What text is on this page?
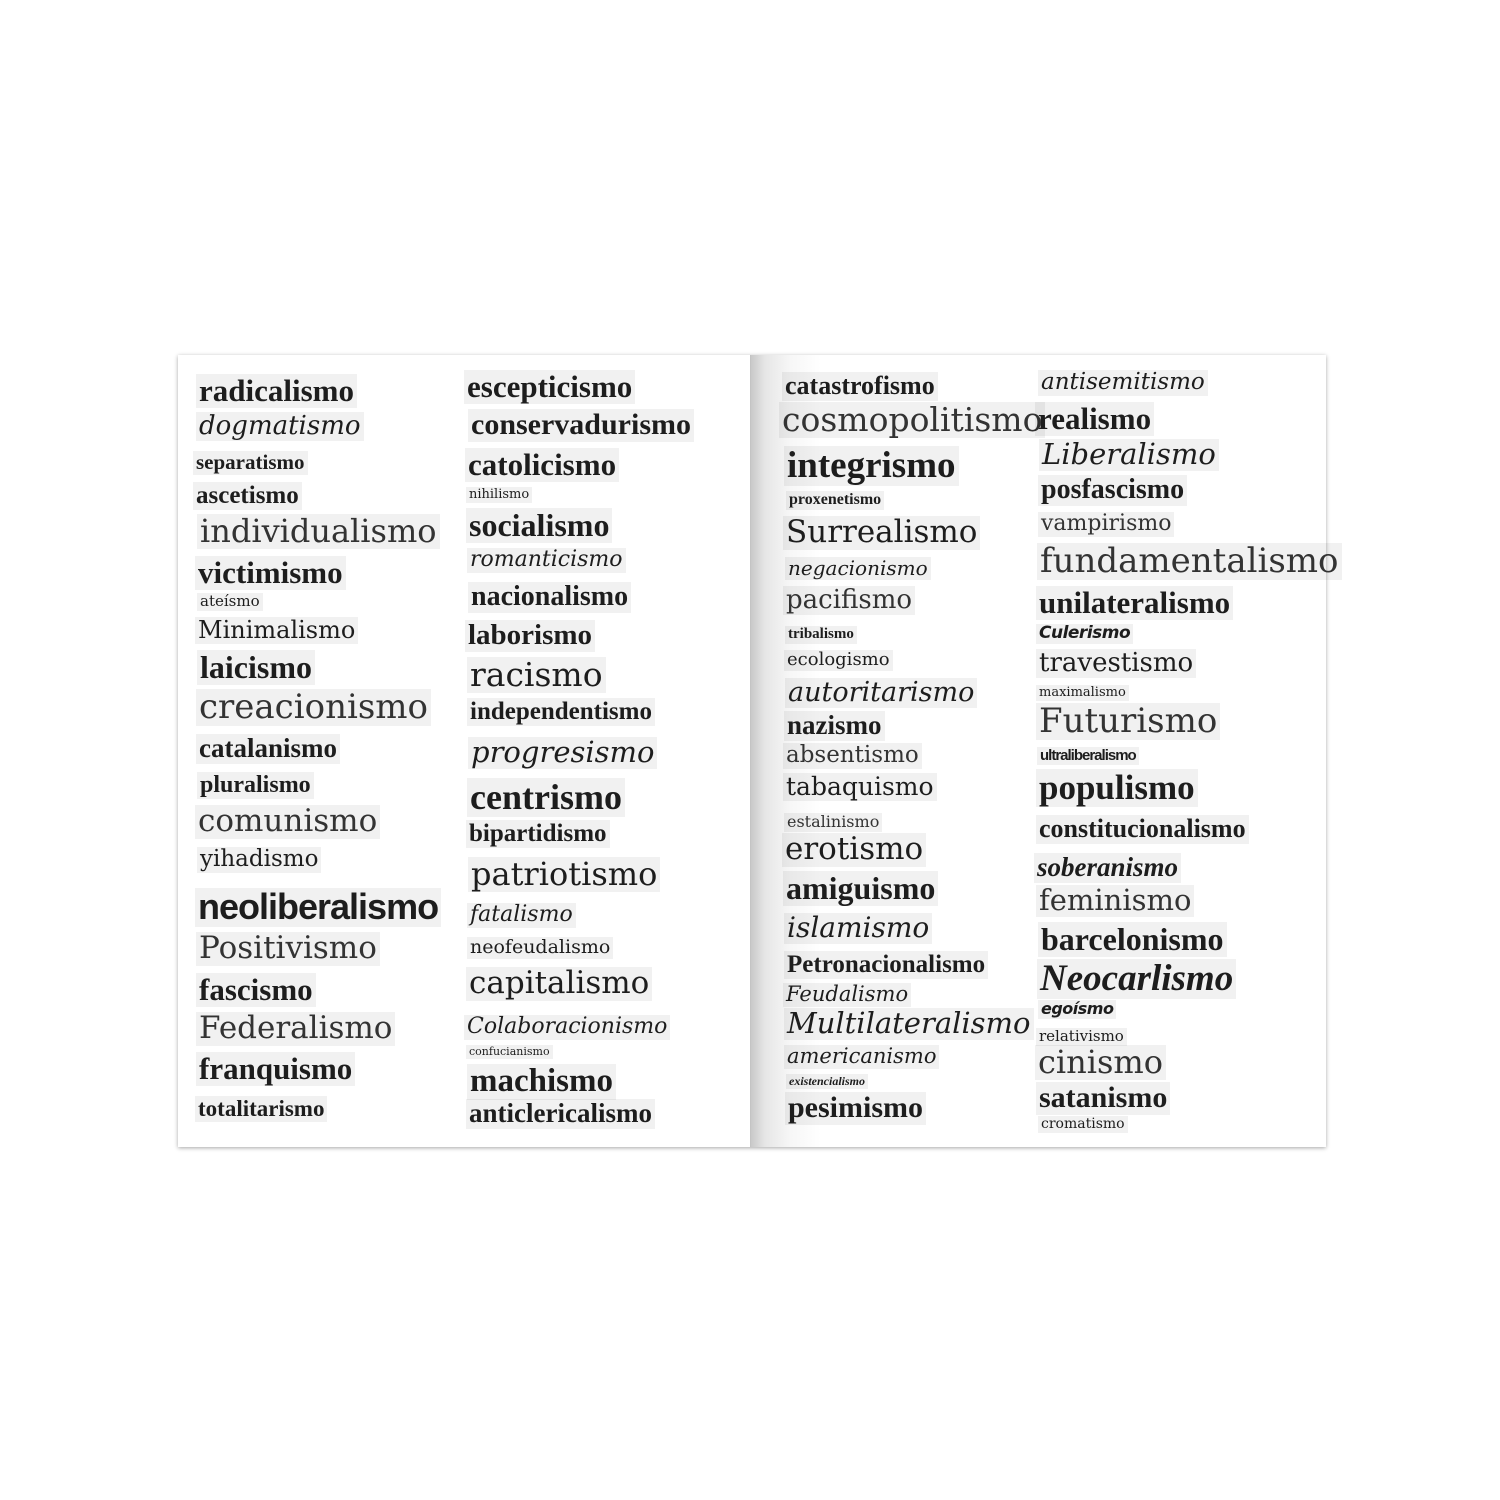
radicalismo
dogmatismo
separatismo
ascetismo
individualismo
victimismo
ateísmo
Minimalismo
laicismo
creacionismo
catalanismo
pluralismo
comunismo
yihadismo
neoliberalismo
Positivismo
fascismo
Federalismo
franquismo
totalitarismo
escepticismo
conservadurismo
catolicismo
nihilismo
socialismo
romanticismo
nacionalismo
laborismo
racismo
independentismo
progresismo
centrismo
bipartidismo
patriotismo
fatalismo
neofeudalismo
capitalismo
Colaboracionismo
confucianismo
machismo
anticlericalismo
catastrofismo
cosmopolitismo
integrismo
proxenetismo
Surrealismo
negacionismo
pacifismo
tribalismo
ecologismo
autoritarismo
nazismo
absentismo
tabaquismo
estalinismo
erotismo
amiguismo
islamismo
Petronacionalismo
Feudalismo
Multilateralismo
americanismo
existencialismo
pesimismo
antisemitismo
realismo
Liberalismo
posfascismo
vampirismo
fundamentalismo
unilateralismo
Culerismo
travestismo
maximalismo
Futurismo
ultraliberalismo
populismo
constitucionalismo
soberanismo
feminismo
barcelonismo
Neocarlismo
egoísmo
relativismo
cinismo
satanismo
cromatismo
